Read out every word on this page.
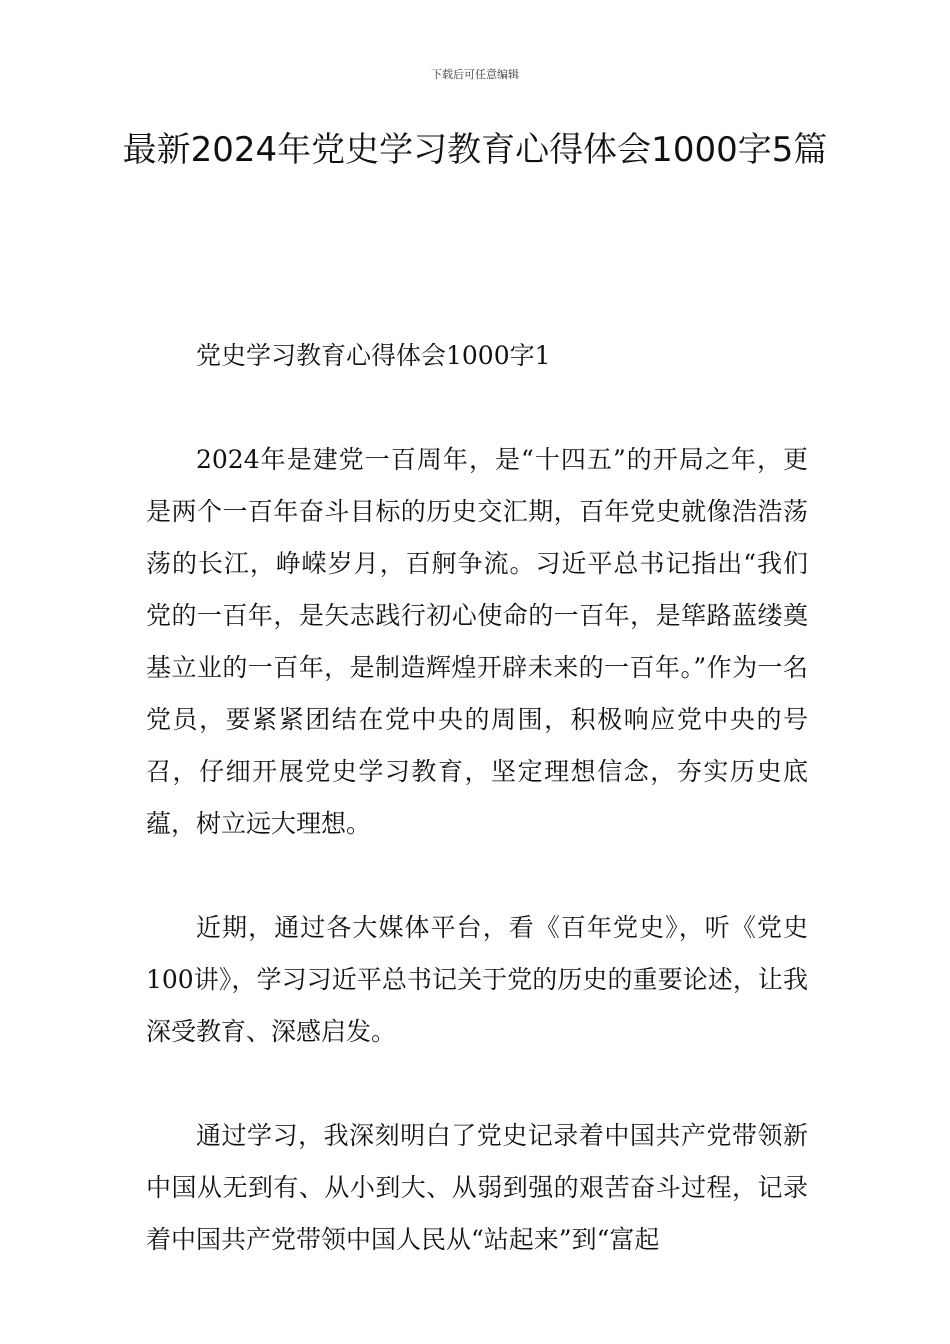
下载后可任意编辑
最新2024年党史学习教育心得体会1000字5篇

党史学习教育心得体会1000字1

2024年是建党一百周年，是“十四五”的开局之年，更是两个一百年奋斗目标的历史交汇期，百年党史就像浩浩荡荡的长江，峥嵘岁月，百舸争流。习近平总书记指出“我们党的一百年，是矢志践行初心使命的一百年，是筚路蓝缕奠基立业的一百年，是制造辉煌开辟未来的一百年。”作为一名党员，要紧紧团结在党中央的周围，积极响应党中央的号召，仔细开展党史学习教育，坚定理想信念，夯实历史底蕴，树立远大理想。

近期，通过各大媒体平台，看《百年党史》，听《党史100讲》，学习习近平总书记关于党的历史的重要论述，让我深受教育、深感启发。

通过学习，我深刻明白了党史记录着中国共产党带领新中国从无到有、从小到大、从弱到强的艰苦奋斗过程，记录着中国共产党带领中国人民从“站起来”到“富起
